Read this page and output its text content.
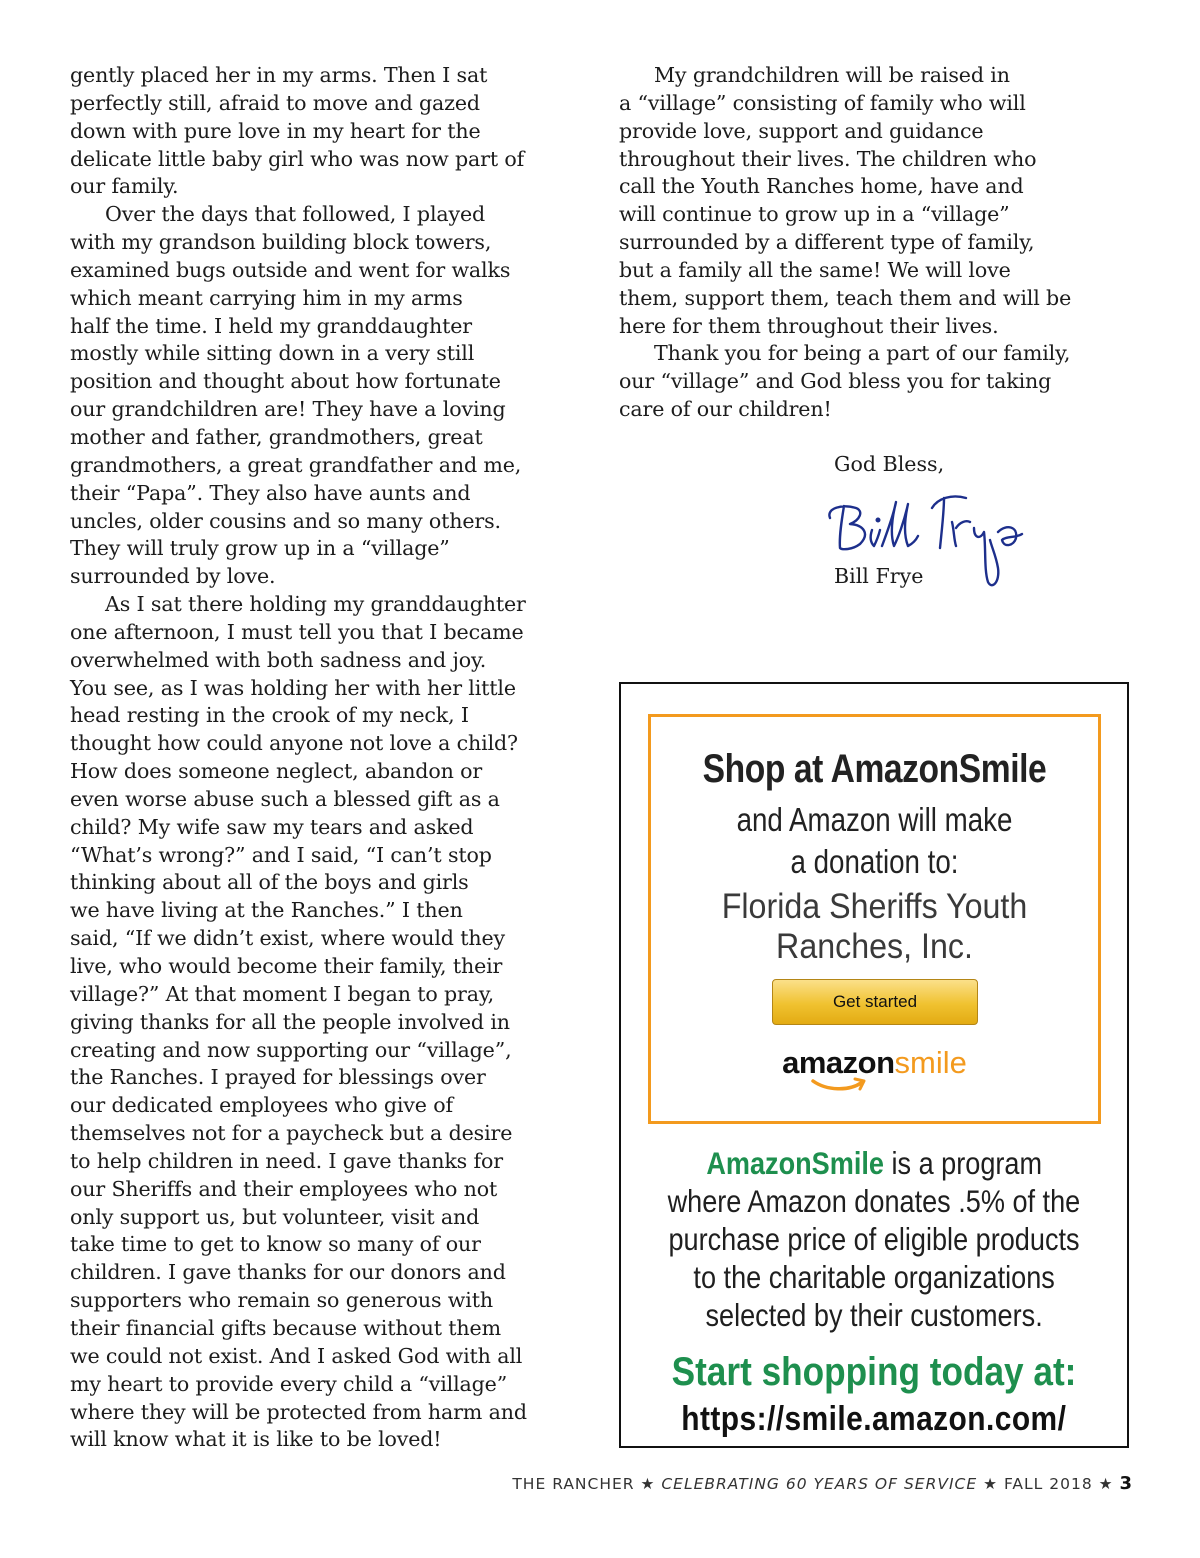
gently placed her in my arms. Then I sat
perfectly still, afraid to move and gazed
down with pure love in my heart for the
delicate little baby girl who was now part of
our family.
Over the days that followed, I played
with my grandson building block towers,
examined bugs outside and went for walks
which meant carrying him in my arms
half the time. I held my granddaughter
mostly while sitting down in a very still
position and thought about how fortunate
our grandchildren are! They have a loving
mother and father, grandmothers, great
grandmothers, a great grandfather and me,
their “Papa”. They also have aunts and
uncles, older cousins and so many others.
They will truly grow up in a “village”
surrounded by love.
As I sat there holding my granddaughter
one afternoon, I must tell you that I became
overwhelmed with both sadness and joy.
You see, as I was holding her with her little
head resting in the crook of my neck, I
thought how could anyone not love a child?
How does someone neglect, abandon or
even worse abuse such a blessed gift as a
child? My wife saw my tears and asked
“What’s wrong?” and I said, “I can’t stop
thinking about all of the boys and girls
we have living at the Ranches.” I then
said, “If we didn’t exist, where would they
live, who would become their family, their
village?” At that moment I began to pray,
giving thanks for all the people involved in
creating and now supporting our “village”,
the Ranches. I prayed for blessings over
our dedicated employees who give of
themselves not for a paycheck but a desire
to help children in need. I gave thanks for
our Sheriffs and their employees who not
only support us, but volunteer, visit and
take time to get to know so many of our
children. I gave thanks for our donors and
supporters who remain so generous with
their financial gifts because without them
we could not exist. And I asked God with all
my heart to provide every child a “village”
where they will be protected from harm and
will know what it is like to be loved!
My grandchildren will be raised in
a “village” consisting of family who will
provide love, support and guidance
throughout their lives. The children who
call the Youth Ranches home, have and
will continue to grow up in a “village”
surrounded by a different type of family,
but a family all the same! We will love
them, support them, teach them and will be
here for them throughout their lives.
Thank you for being a part of our family,
our “village” and God bless you for taking
care of our children!
God Bless,
Bill Frye
Shop at AmazonSmile
and Amazon will make
a donation to:
Florida Sheriffs Youth
Ranches, Inc.
Get started
amazonsmile
AmazonSmile is a program
where Amazon donates .5% of the
purchase price of eligible products
to the charitable organizations
selected by their customers.
Start shopping today at:
https://smile.amazon.com/
THE RANCHER ★ CELEBRATING 60 YEARS OF SERVICE ★ FALL 2018 ★ 3
